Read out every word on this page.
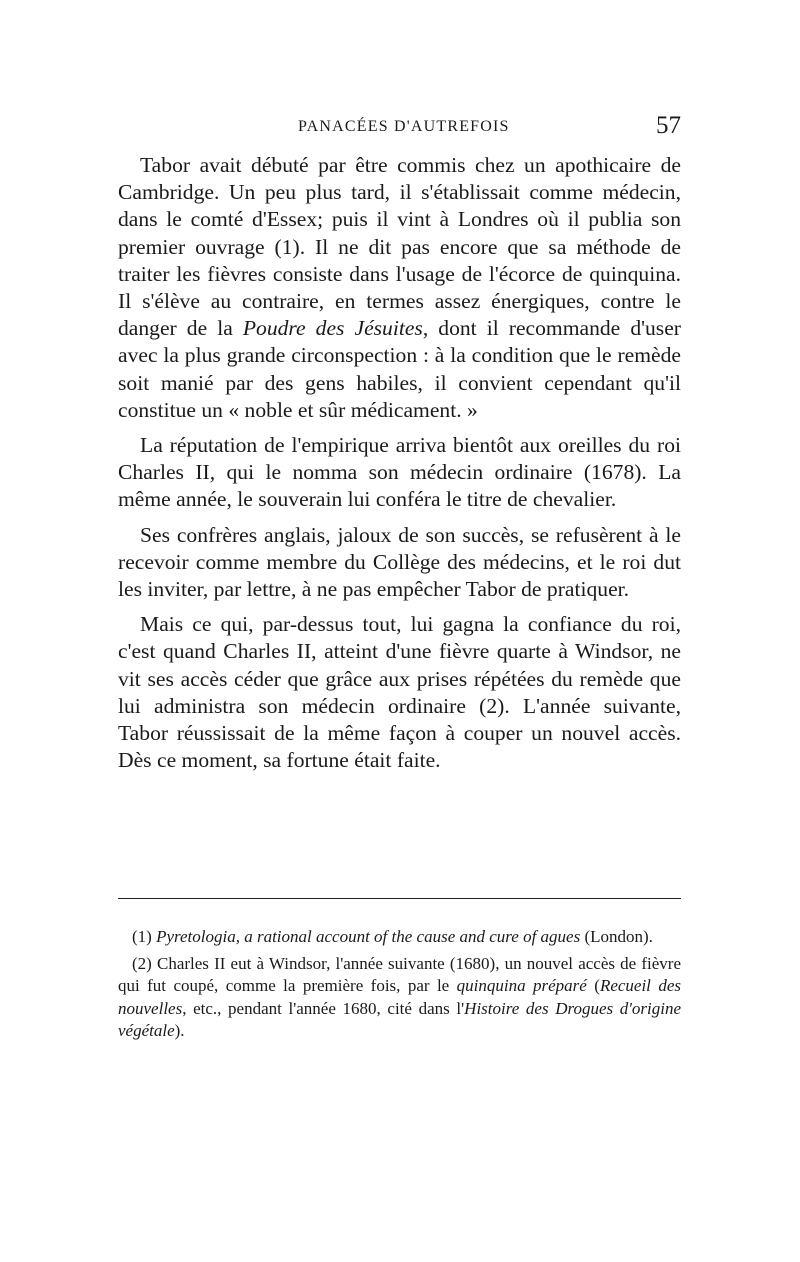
PANACÉES D'AUTREFOIS	57

Tabor avait débuté par être commis chez un apothicaire de Cambridge. Un peu plus tard, il s'établissait comme médecin, dans le comté d'Essex; puis il vint à Londres où il publia son premier ouvrage (1). Il ne dit pas encore que sa méthode de traiter les fièvres consiste dans l'usage de l'écorce de quinquina. Il s'élève au contraire, en termes assez énergiques, contre le danger de la Poudre des Jésuites, dont il recommande d'user avec la plus grande circonspection : à la condition que le remède soit manié par des gens habiles, il convient cependant qu'il constitue un « noble et sûr médicament. »

La réputation de l'empirique arriva bientôt aux oreilles du roi Charles II, qui le nomma son médecin ordinaire (1678). La même année, le souverain lui conféra le titre de chevalier.

Ses confrères anglais, jaloux de son succès, se refusèrent à le recevoir comme membre du Collège des médecins, et le roi dut les inviter, par lettre, à ne pas empêcher Tabor de pratiquer.

Mais ce qui, par-dessus tout, lui gagna la confiance du roi, c'est quand Charles II, atteint d'une fièvre quarte à Windsor, ne vit ses accès céder que grâce aux prises répétées du remède que lui administra son médecin ordinaire (2). L'année suivante, Tabor réussissait de la même façon à couper un nouvel accès. Dès ce moment, sa fortune était faite.

(1) Pyretologia, a rational account of the cause and cure of agues (London).

(2) Charles II eut à Windsor, l'année suivante (1680), un nouvel accès de fièvre qui fut coupé, comme la première fois, par le quinquina préparé (Recueil des nouvelles, etc., pendant l'année 1680, cité dans l'Histoire des Drogues d'origine végétale).
